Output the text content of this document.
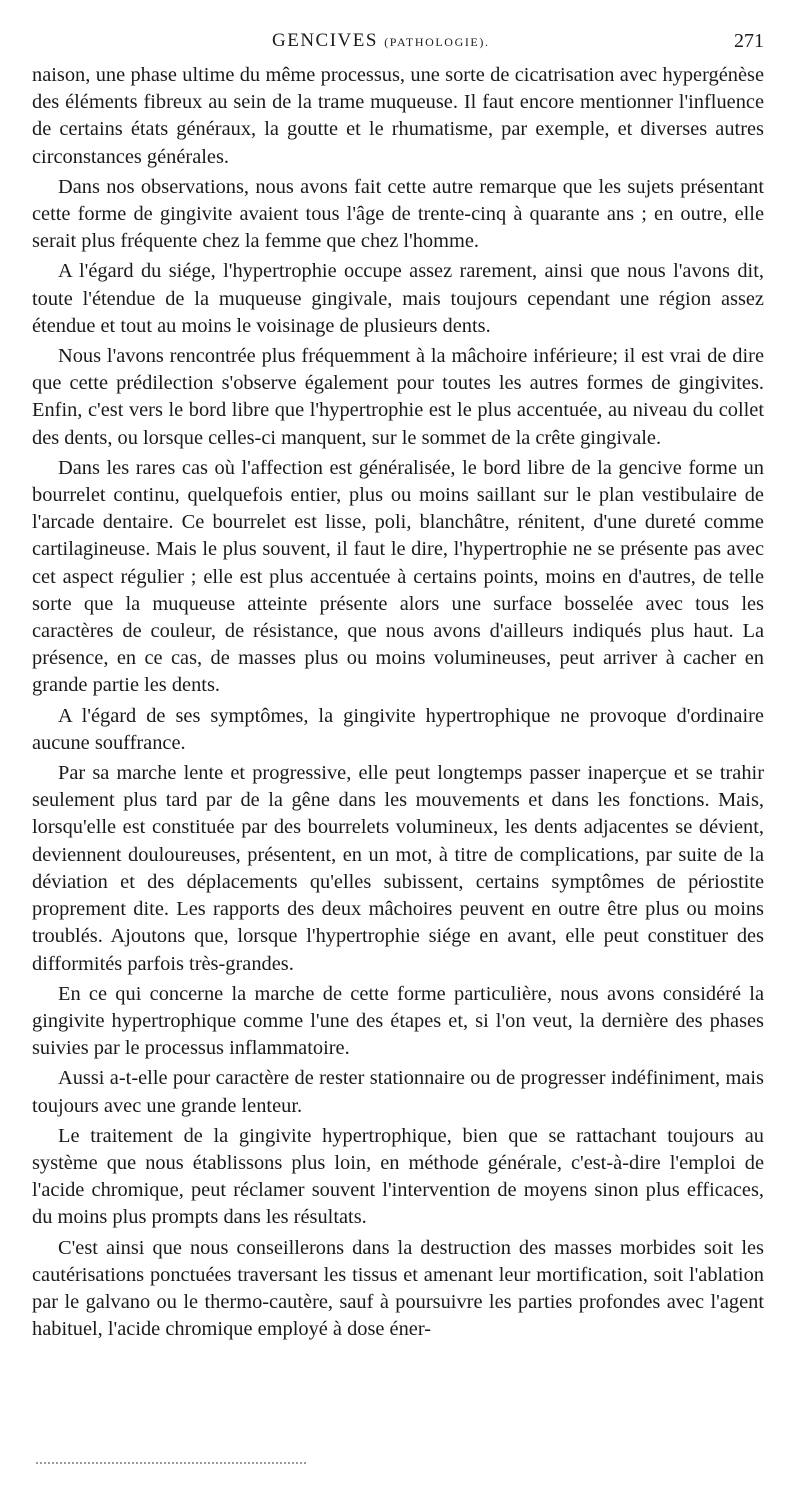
GENCIVES (PATHOLOGIE).	271

naison, une phase ultime du même processus, une sorte de cicatrisation avec hypergénèse des éléments fibreux au sein de la trame muqueuse. Il faut encore mentionner l'influence de certains états généraux, la goutte et le rhumatisme, par exemple, et diverses autres circonstances générales.

Dans nos observations, nous avons fait cette autre remarque que les sujets présentant cette forme de gingivite avaient tous l'âge de trente-cinq à quarante ans ; en outre, elle serait plus fréquente chez la femme que chez l'homme.

A l'égard du siége, l'hypertrophie occupe assez rarement, ainsi que nous l'avons dit, toute l'étendue de la muqueuse gingivale, mais toujours cependant une région assez étendue et tout au moins le voisinage de plusieurs dents.

Nous l'avons rencontrée plus fréquemment à la mâchoire inférieure; il est vrai de dire que cette prédilection s'observe également pour toutes les autres formes de gingivites. Enfin, c'est vers le bord libre que l'hypertrophie est le plus accentuée, au niveau du collet des dents, ou lorsque celles-ci manquent, sur le sommet de la crête gingivale.

Dans les rares cas où l'affection est généralisée, le bord libre de la gencive forme un bourrelet continu, quelquefois entier, plus ou moins saillant sur le plan vestibulaire de l'arcade dentaire. Ce bourrelet est lisse, poli, blanchâtre, rénitent, d'une dureté comme cartilagineuse. Mais le plus souvent, il faut le dire, l'hypertrophie ne se présente pas avec cet aspect régulier ; elle est plus accentuée à certains points, moins en d'autres, de telle sorte que la muqueuse atteinte présente alors une surface bosselée avec tous les caractères de couleur, de résistance, que nous avons d'ailleurs indiqués plus haut. La présence, en ce cas, de masses plus ou moins volumineuses, peut arriver à cacher en grande partie les dents.

A l'égard de ses symptômes, la gingivite hypertrophique ne provoque d'ordinaire aucune souffrance.

Par sa marche lente et progressive, elle peut longtemps passer inaperçue et se trahir seulement plus tard par de la gêne dans les mouvements et dans les fonctions. Mais, lorsqu'elle est constituée par des bourrelets volumineux, les dents adjacentes se dévient, deviennent douloureuses, présentent, en un mot, à titre de complications, par suite de la déviation et des déplacements qu'elles subissent, certains symptômes de périostite proprement dite. Les rapports des deux mâchoires peuvent en outre être plus ou moins troublés. Ajoutons que, lorsque l'hypertrophie siége en avant, elle peut constituer des difformités parfois très-grandes.

En ce qui concerne la marche de cette forme particulière, nous avons considéré la gingivite hypertrophique comme l'une des étapes et, si l'on veut, la dernière des phases suivies par le processus inflammatoire.

Aussi a-t-elle pour caractère de rester stationnaire ou de progresser indéfiniment, mais toujours avec une grande lenteur.

Le traitement de la gingivite hypertrophique, bien que se rattachant toujours au système que nous établissons plus loin, en méthode générale, c'est-à-dire l'emploi de l'acide chromique, peut réclamer souvent l'intervention de moyens sinon plus efficaces, du moins plus prompts dans les résultats.

C'est ainsi que nous conseillerons dans la destruction des masses morbides soit les cautérisations ponctuées traversant les tissus et amenant leur mortification, soit l'ablation par le galvano ou le thermo-cautère, sauf à poursuivre les parties profondes avec l'agent habituel, l'acide chromique employé à dose éner-
